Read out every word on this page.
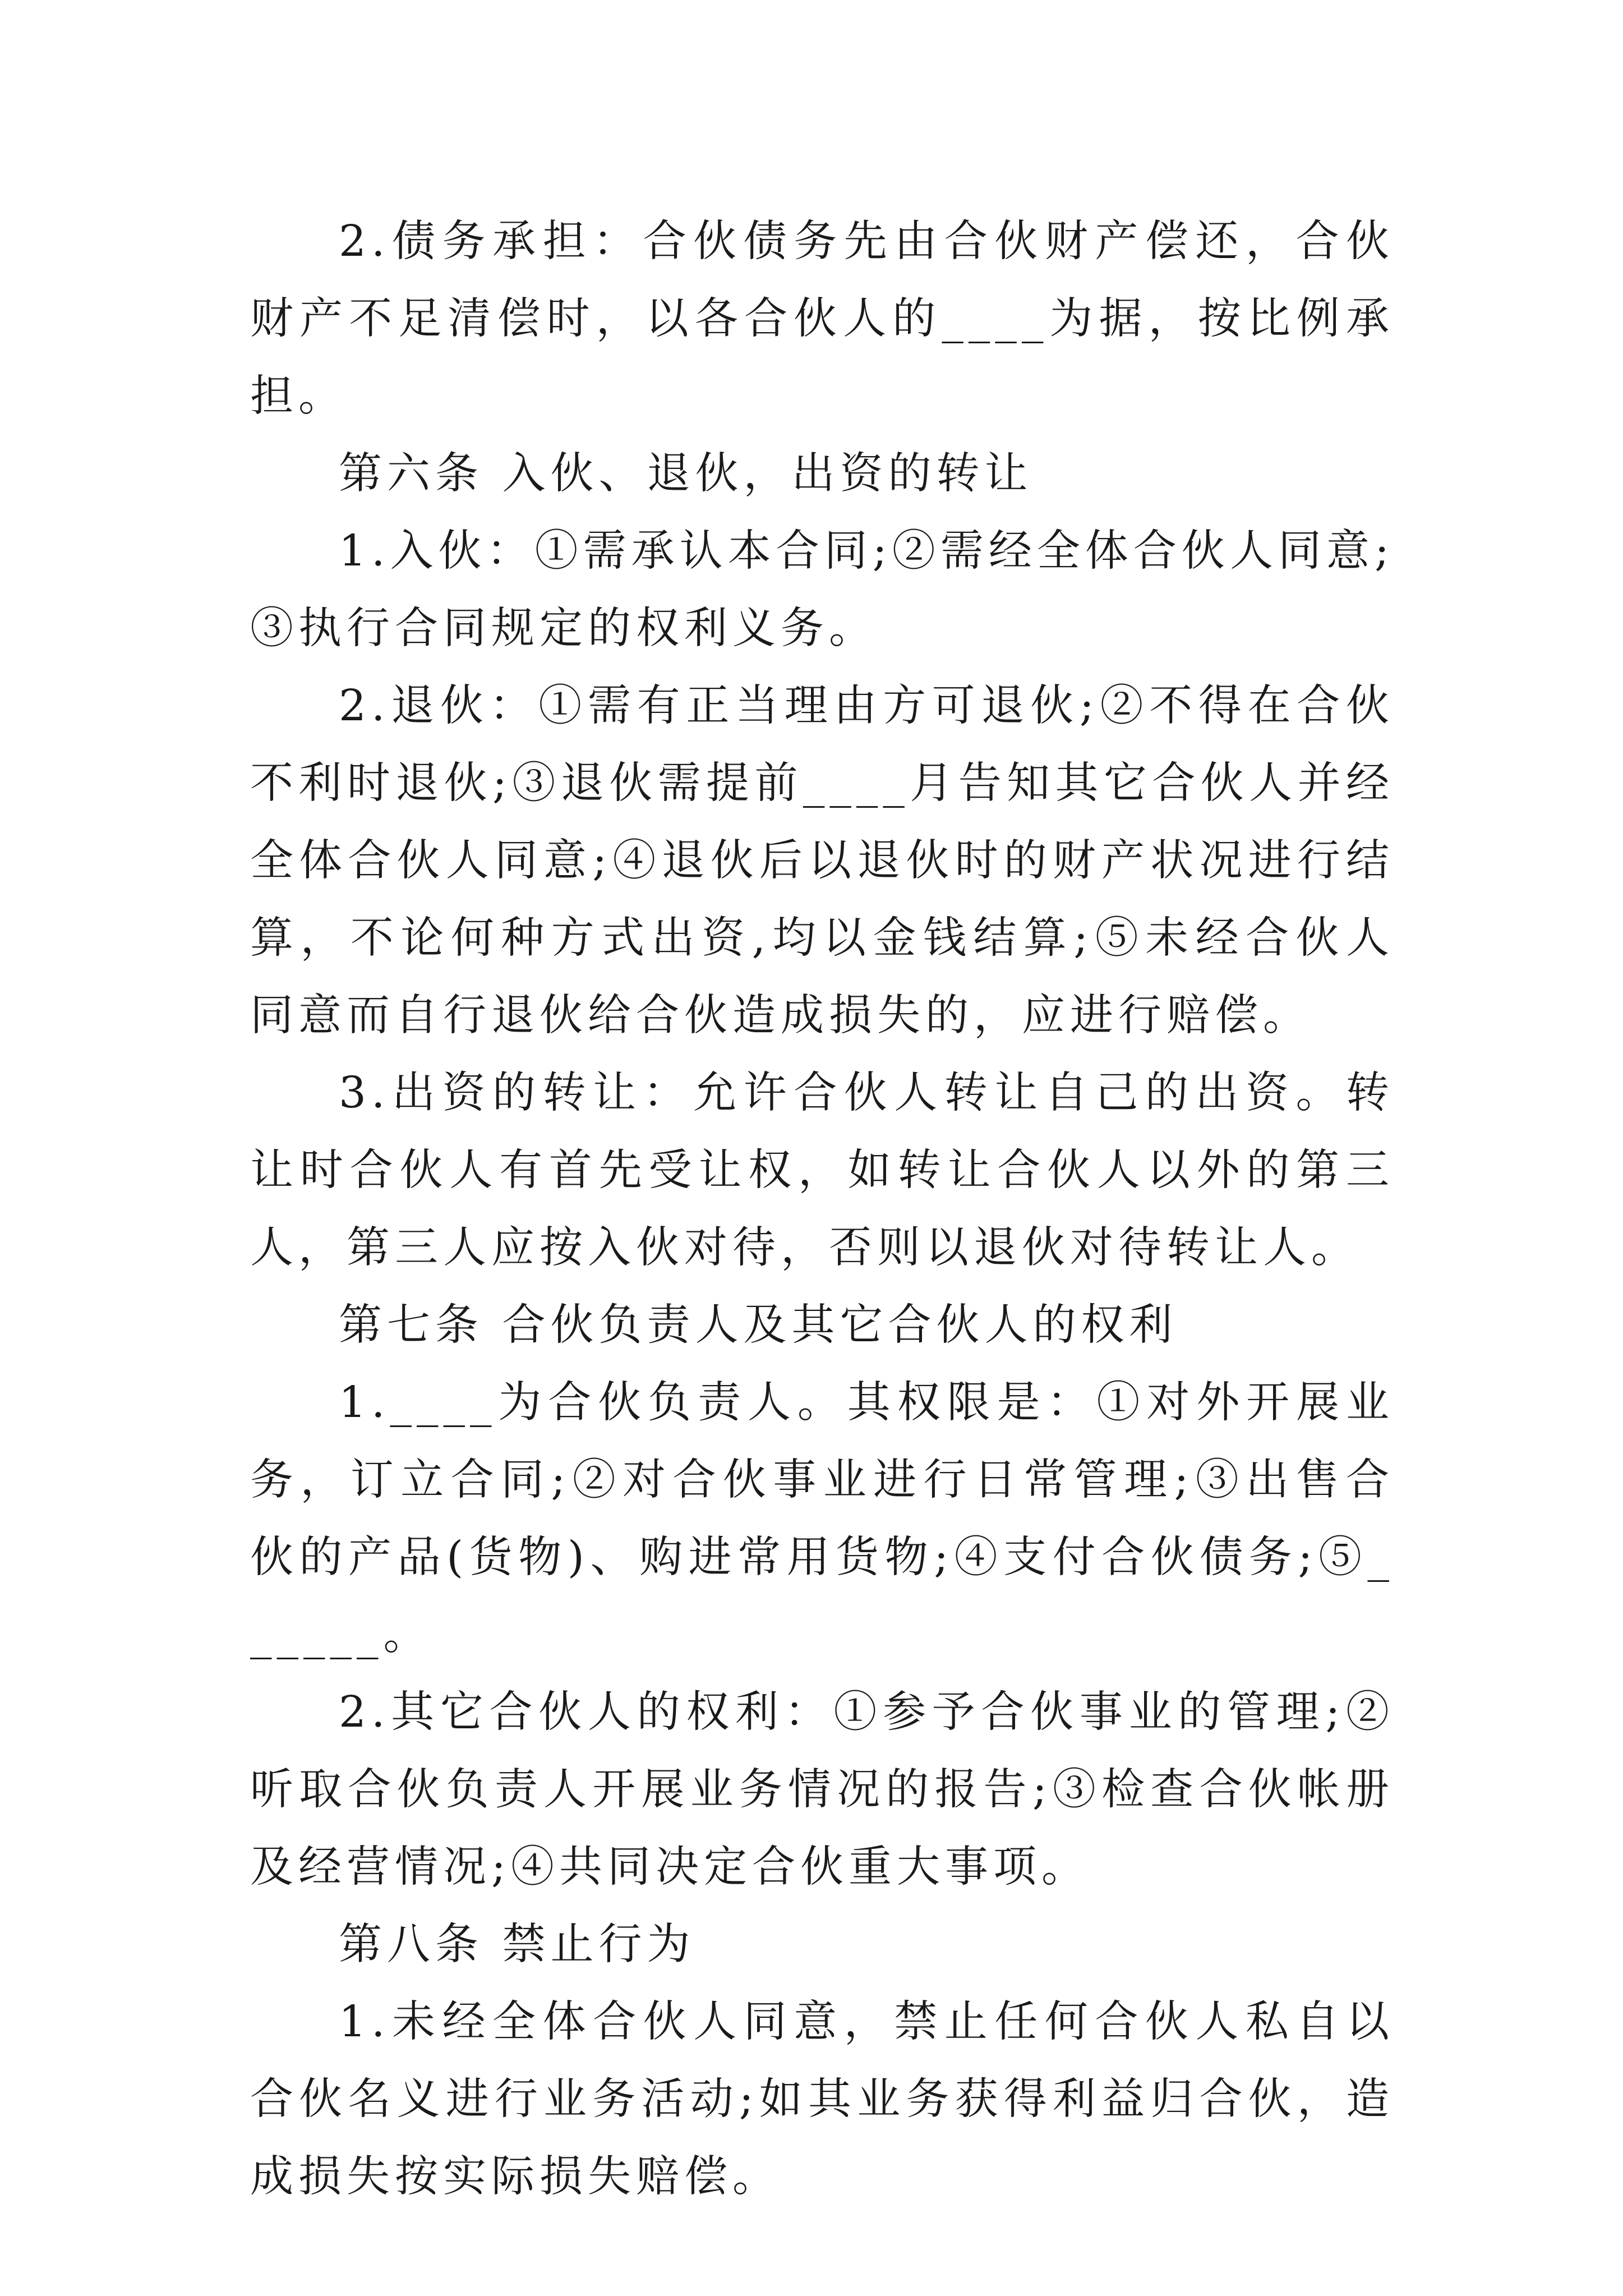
2.债务承担：合伙债务先由合伙财产偿还，合伙财产不足清偿时，以各合伙人的____为据，按比例承担。

第六条 入伙、退伙，出资的转让

1.入伙：①需承认本合同;②需经全体合伙人同意;③执行合同规定的权利义务。

2.退伙：①需有正当理由方可退伙;②不得在合伙不利时退伙;③退伙需提前____月告知其它合伙人并经全体合伙人同意;④退伙后以退伙时的财产状况进行结算，不论何种方式出资,均以金钱结算;⑤未经合伙人同意而自行退伙给合伙造成损失的，应进行赔偿。

3.出资的转让：允许合伙人转让自己的出资。转让时合伙人有首先受让权，如转让合伙人以外的第三人，第三人应按入伙对待，否则以退伙对待转让人。

第七条 合伙负责人及其它合伙人的权利

1.____为合伙负责人。其权限是：①对外开展业务，订立合同;②对合伙事业进行日常管理;③出售合伙的产品(货物)、购进常用货物;④支付合伙债务;⑤______。

2.其它合伙人的权利：①参予合伙事业的管理;②听取合伙负责人开展业务情况的报告;③检查合伙帐册及经营情况;④共同决定合伙重大事项。

第八条 禁止行为

1.未经全体合伙人同意，禁止任何合伙人私自以合伙名义进行业务活动;如其业务获得利益归合伙，造成损失按实际损失赔偿。
